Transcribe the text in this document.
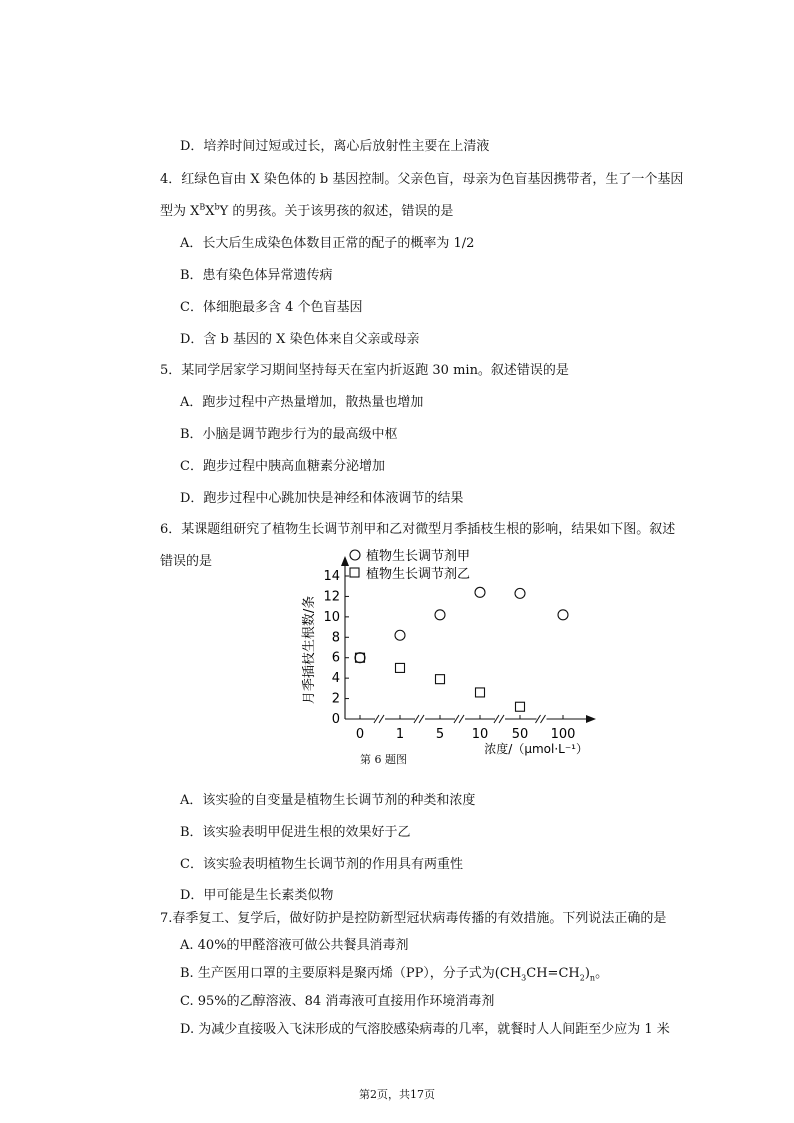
D．培养时间过短或过长，离心后放射性主要在上清液
4．红绿色盲由 X 染色体的 b 基因控制。父亲色盲，母亲为色盲基因携带者，生了一个基因
型为 $X^BX^bY$ 的男孩。关于该男孩的叙述，错误的是
A．长大后生成染色体数目正常的配子的概率为 1/2
B．患有染色体异常遗传病
C．体细胞最多含 4 个色盲基因
D．含 b 基因的 X 染色体来自父亲或母亲
5．某同学居家学习期间坚持每天在室内折返跑 30 min。叙述错误的是
A．跑步过程中产热量增加，散热量也增加
B．小脑是调节跑步行为的最高级中枢
C．跑步过程中胰高血糖素分泌增加
D．跑步过程中心跳加快是神经和体液调节的结果
6．某课题组研究了植物生长调节剂甲和乙对微型月季插枝生根的影响，结果如下图。叙述
错误的是	植物生长调节剂甲
植物生长调节剂乙
月季插枝生根数/条
浓度/（μmol·L⁻¹）
0
2
4
6
8
10
12
14
0 1 5 10 50 100
第 6 题图
A．该实验的自变量是植物生长调节剂的种类和浓度
B．该实验表明甲促进生根的效果好于乙
C．该实验表明植物生长调节剂的作用具有两重性
D．甲可能是生长素类似物
7.春季复工、复学后，做好防护是控防新型冠状病毒传播的有效措施。下列说法正确的是
A. 40%的甲醛溶液可做公共餐具消毒剂
B. 生产医用口罩的主要原料是聚丙烯（PP），分子式为$(CH_3CH=CH_2)_n$。
C. 95%的乙醇溶液、84 消毒液可直接用作环境消毒剂
D. 为减少直接吸入飞沫形成的气溶胶感染病毒的几率，就餐时人人间距至少应为 1 米
第2页，共17页
